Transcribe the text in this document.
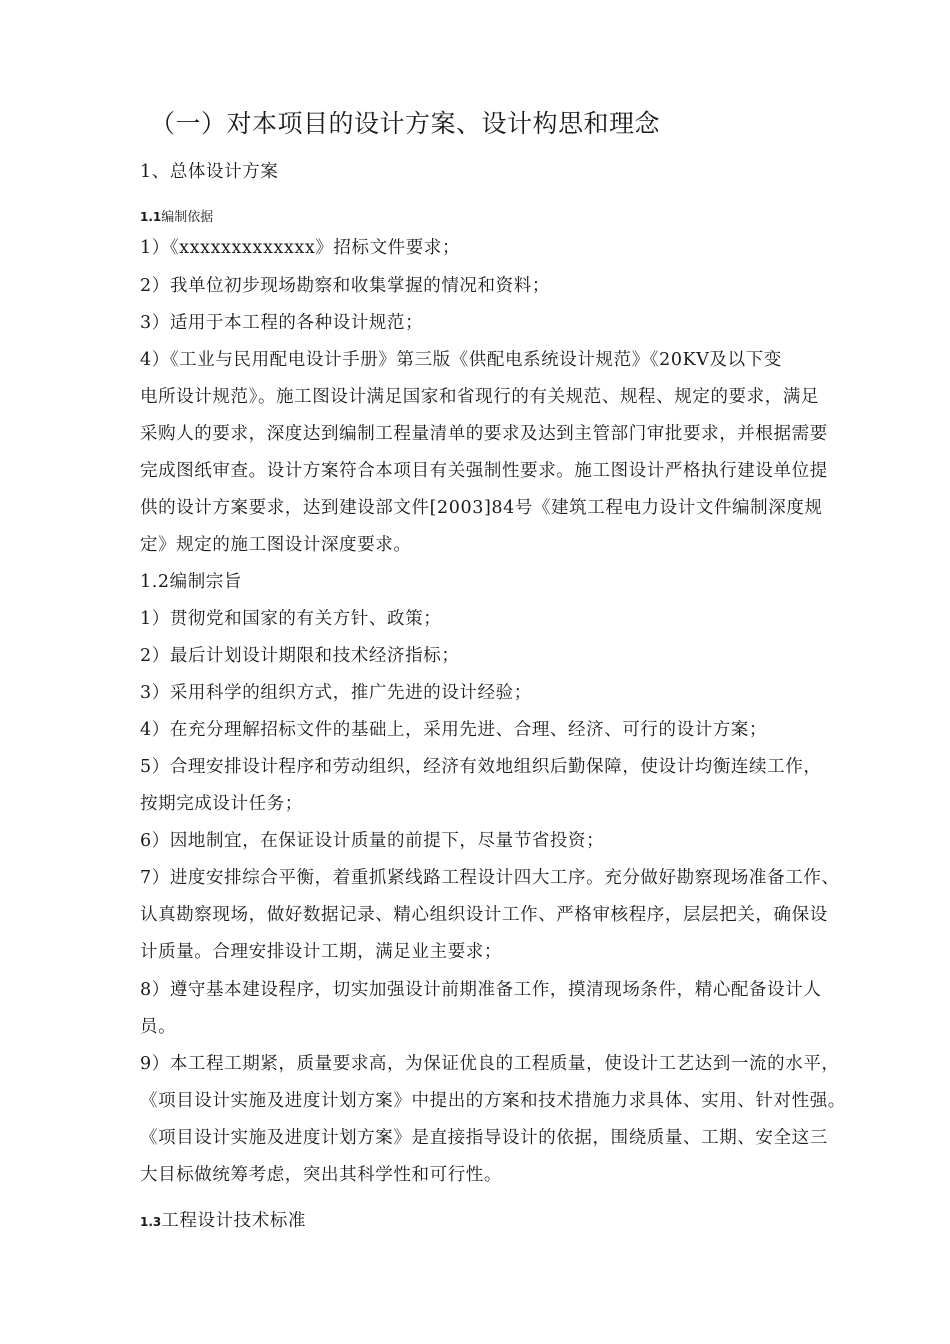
（一）对本项目的设计方案、设计构思和理念
1、总体设计方案
1.1编制依据
1）《xxxxxxxxxxxxx》招标文件要求；
2）我单位初步现场勘察和收集掌握的情况和资料；
3）适用于本工程的各种设计规范；
4）《工业与民用配电设计手册》第三版《供配电系统设计规范》《20KV及以下变
电所设计规范》。施工图设计满足国家和省现行的有关规范、规程、规定的要求，满足
采购人的要求，深度达到编制工程量清单的要求及达到主管部门审批要求，并根据需要
完成图纸审查。设计方案符合本项目有关强制性要求。施工图设计严格执行建设单位提
供的设计方案要求，达到建设部文件[2003]84号《建筑工程电力设计文件编制深度规
定》规定的施工图设计深度要求。
1.2编制宗旨
1）贯彻党和国家的有关方针、政策；
2）最后计划设计期限和技术经济指标；
3）采用科学的组织方式，推广先进的设计经验；
4）在充分理解招标文件的基础上，采用先进、合理、经济、可行的设计方案；
5）合理安排设计程序和劳动组织，经济有效地组织后勤保障，使设计均衡连续工作，
按期完成设计任务；
6）因地制宜，在保证设计质量的前提下，尽量节省投资；
7）进度安排综合平衡，着重抓紧线路工程设计四大工序。充分做好勘察现场准备工作、
认真勘察现场，做好数据记录、精心组织设计工作、严格审核程序，层层把关，确保设
计质量。合理安排设计工期，满足业主要求；
8）遵守基本建设程序，切实加强设计前期准备工作，摸清现场条件，精心配备设计人
员。
9）本工程工期紧，质量要求高，为保证优良的工程质量，使设计工艺达到一流的水平，
《项目设计实施及进度计划方案》中提出的方案和技术措施力求具体、实用、针对性强。
《项目设计实施及进度计划方案》是直接指导设计的依据，围绕质量、工期、安全这三
大目标做统筹考虑，突出其科学性和可行性。
1.3工程设计技术标准
